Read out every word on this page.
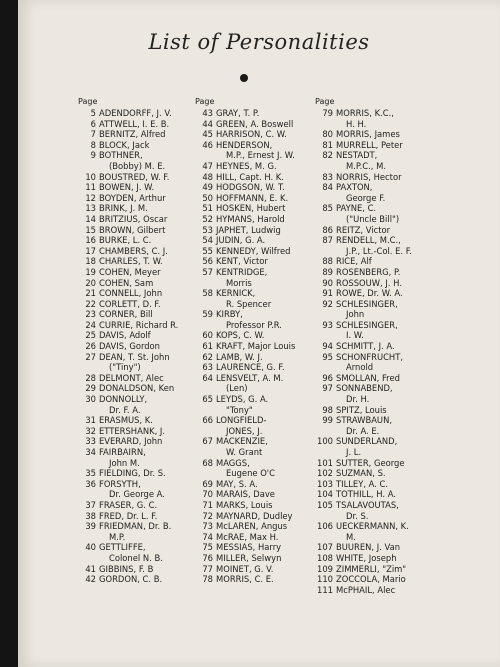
List of Personalities
Page
5 ADENDORFF, J. V.
6 ATTWELL, I. E. B.
7 BERNITZ, Alfred
8 BLOCK, Jack
9 BOTHNER,
(Bobby) M. E.
10 BOUSTRED, W. F.
11 BOWEN, J. W.
12 BOYDEN, Arthur
13 BRINK, J. M.
14 BRITZIUS, Oscar
15 BROWN, Gilbert
16 BURKE, L. C.
17 CHAMBERS, C. J.
18 CHARLES, T. W.
19 COHEN, Meyer
20 COHEN, Sam
21 CONNELL, John
22 CORLETT, D. F.
23 CORNER, Bill
24 CURRIE, Richard R.
25 DAVIS, Adolf
26 DAVIS, Gordon
27 DEAN, T. St. John
("Tiny")
28 DELMONT, Alec
29 DONALDSON, Ken
30 DONNOLLY,
Dr. F. A.
31 ERASMUS, K.
32 ETTERSHANK, J.
33 EVERARD, John
34 FAIRBAIRN,
John M.
35 FIELDING, Dr. S.
36 FORSYTH,
Dr. George A.
37 FRASER, G. C.
38 FRED, Dr. L. F.
39 FRIEDMAN, Dr. B.
M.P.
40 GETTLIFFE,
Colonel N. B.
41 GIBBINS, F. B
42 GORDON, C. B.
Page
43 GRAY, T. P.
44 GREEN, A. Boswell
45 HARRISON, C. W.
46 HENDERSON,
M.P., Ernest J. W.
47 HEYNES, M. G.
48 HILL, Capt. H. K.
49 HODGSON, W. T.
50 HOFFMANN, E. K.
51 HOSKEN, Hubert
52 HYMANS, Harold
53 JAPHET, Ludwig
54 JUDIN, G. A.
55 KENNEDY, Wilfred
56 KENT, Victor
57 KENTRIDGE,
Morris
58 KERNICK,
R. Spencer
59 KIRBY,
Professor P.R.
60 KOPS, C. W.
61 KRAFT, Major Louis
62 LAMB, W. J.
63 LAURENCE, G. F.
64 LENSVELT, A. M.
(Len)
65 LEYDS, G. A.
"Tony"
66 LONGFIELD-
JONES, J.
67 MACKENZIE,
W. Grant
68 MAGGS,
Eugene O'C
69 MAY, S. A.
70 MARAIS, Dave
71 MARKS, Louis
72 MAYNARD, Dudley
73 McLAREN, Angus
74 McRAE, Max H.
75 MESSIAS, Harry
76 MILLER, Selwyn
77 MOINET, G. V.
78 MORRIS, C. E.
Page
79 MORRIS, K.C.,
H. H.
80 MORRIS, James
81 MURRELL, Peter
82 NESTADT,
M.P.C., M.
83 NORRIS, Hector
84 PAXTON,
George F.
85 PAYNE, C.
("Uncle Bill")
86 REITZ, Victor
87 RENDELL, M.C.,
J.P., Lt.-Col. E. F.
88 RICE, Alf
89 ROSENBERG, P.
90 ROSSOUW, J. H.
91 ROWE, Dr. W. A.
92 SCHLESINGER,
John
93 SCHLESINGER,
I. W.
94 SCHMITT, J. A.
95 SCHONFRUCHT,
Arnold
96 SMOLLAN, Fred
97 SONNABEND,
Dr. H.
98 SPITZ, Louis
99 STRAWBAUN,
Dr. A. E.
100 SUNDERLAND,
J. L.
101 SUTTER, George
102 SUZMAN, S.
103 TILLEY, A. C.
104 TOTHILL, H. A.
105 TSALAVOUTAS,
Dr. S.
106 UECKERMANN, K.
M.
107 BUUREN, J. Van
108 WHITE, Joseph
109 ZIMMERLI, "Zim"
110 ZOCCOLA, Mario
111 McPHAIL, Alec
